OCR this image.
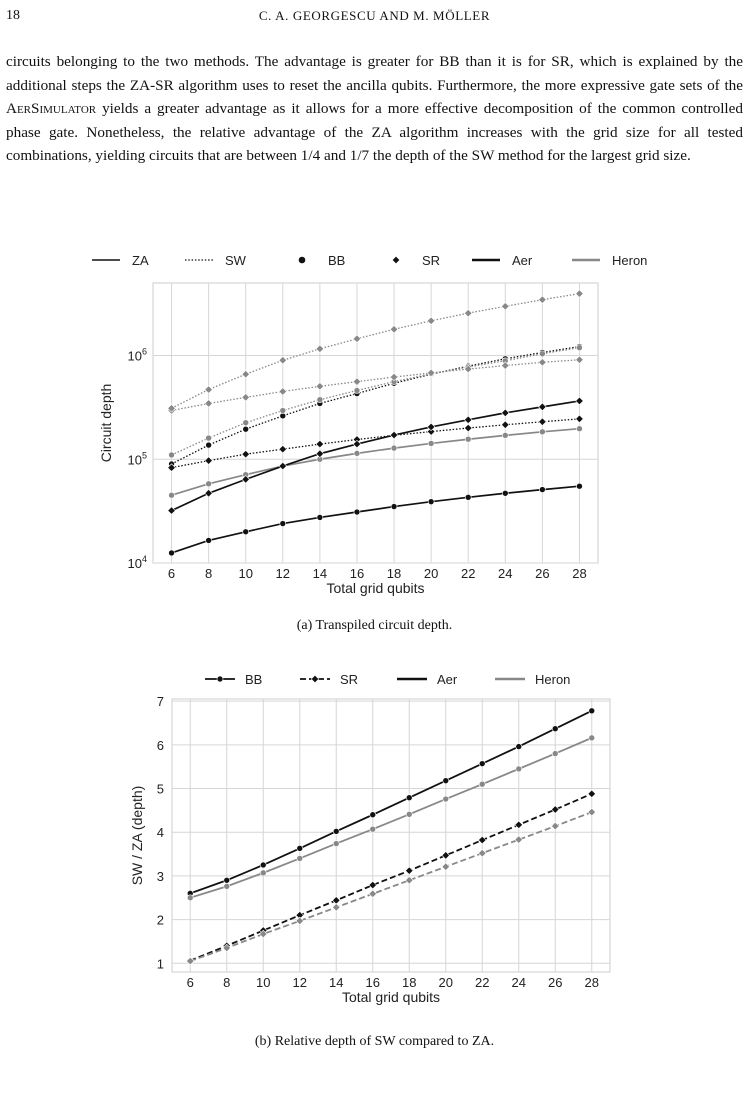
18	C. A. GEORGESCU AND M. MÖLLER

circuits belonging to the two methods. The advantage is greater for BB than it is for SR, which is explained by the additional steps the ZA-SR algorithm uses to reset the ancilla qubits. Furthermore, the more expressive gate sets of the AerSimulator yields a greater advantage as it allows for a more effective decomposition of the common controlled phase gate. Nonetheless, the relative advantage of the ZA algorithm increases with the grid size for all tested combinations, yielding circuits that are between 1/4 and 1/7 the depth of the SW method for the largest grid size.

6 8 10 12 14 16 18 20 22 24 26 28
$10^4$
$10^5$
$10^6$
Total grid qubits
Circuit depth
ZA	SW	BB	SR	Aer	Heron
(a) Transpiled circuit depth.
6 8 10 12 14 16 18 20 22 24 26 28
1
2
3
4
5
6
7
Total grid qubits
SW / ZA (depth)
BB	SR	Aer	Heron
(b) Relative depth of SW compared to ZA.
